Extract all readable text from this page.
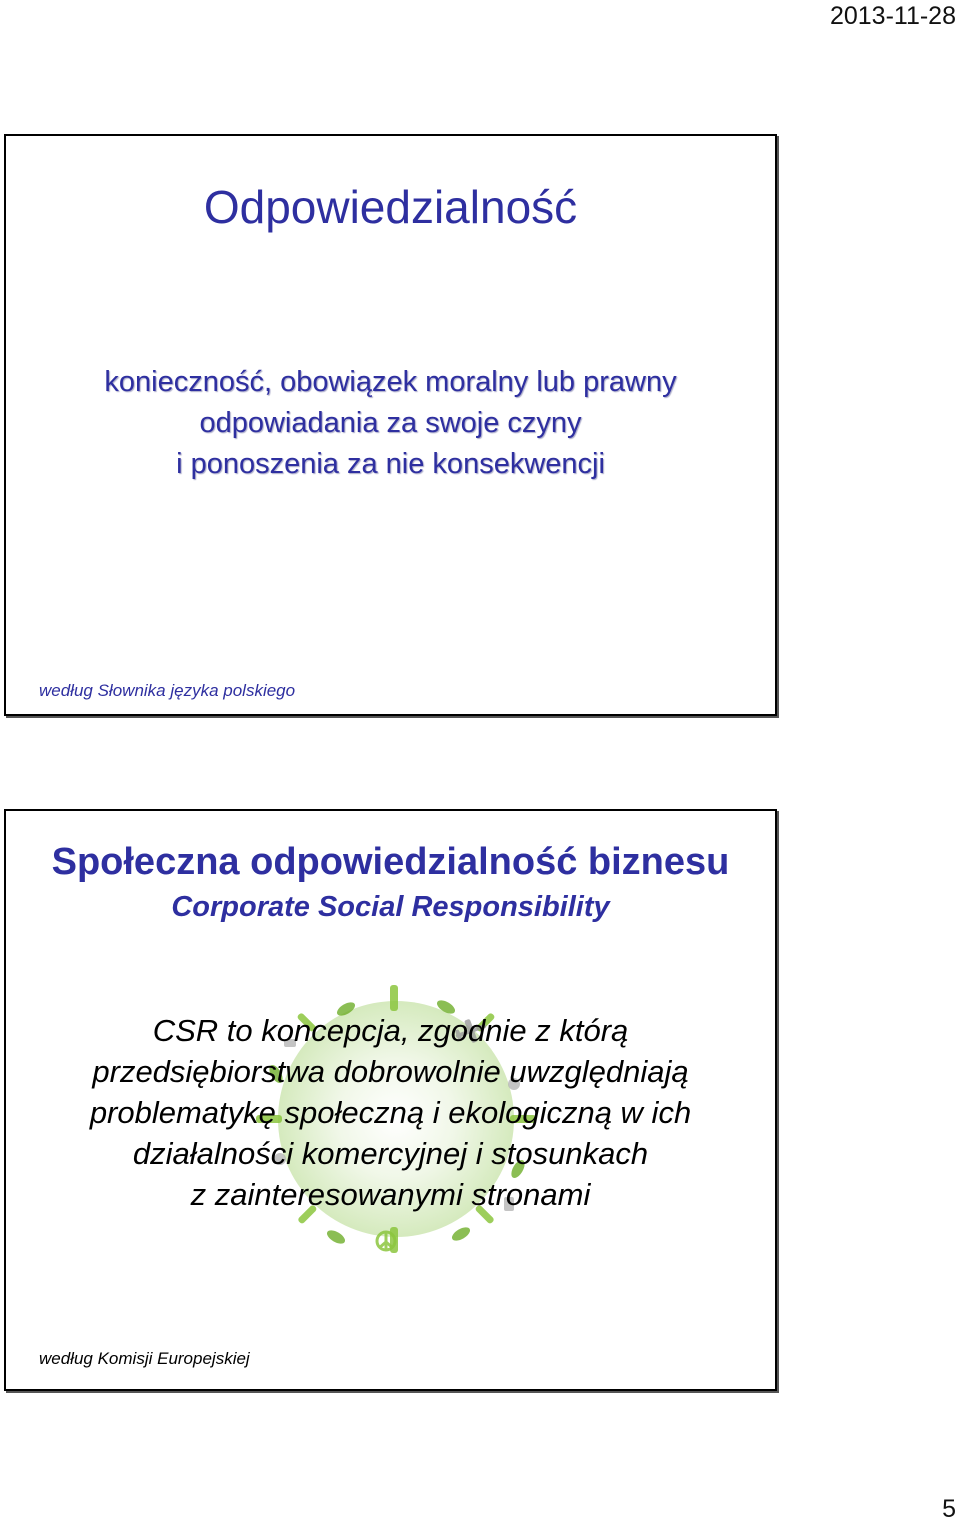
2013-11-28
Odpowiedzialność
konieczność, obowiązek moralny lub prawny
odpowiadania za swoje czyny
i ponoszenia za nie konsekwencji
według Słownika języka polskiego
Społeczna odpowiedzialność biznesu
Corporate Social Responsibility
CSR to koncepcja, zgodnie z którą
przedsiębiorstwa dobrowolnie uwzględniają
problematykę społeczną i ekologiczną w ich
działalności komercyjnej i stosunkach
z zainteresowanymi stronami
według Komisji Europejskiej
5
